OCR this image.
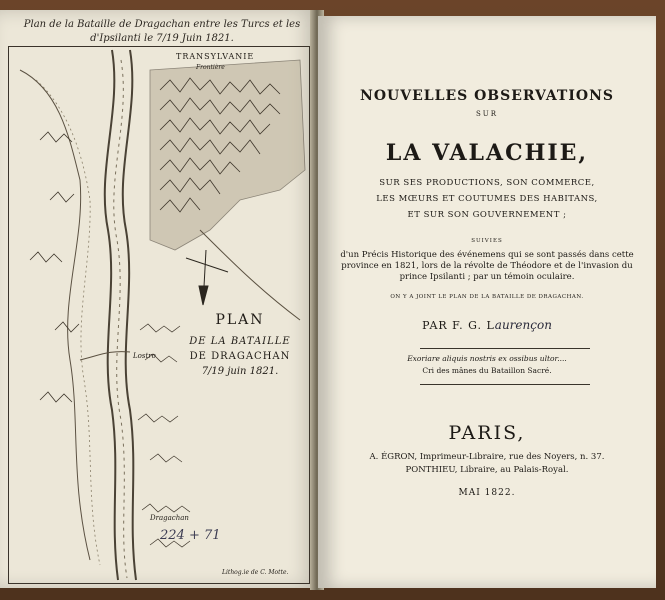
Plan de la Bataille de Dragachan entre les Turcs et les
d'Ipsilanti le 7/19 Juin 1821.
TRANSYLVANIE
Frontière
Lostro
Dragachan
Lithog.ie de C. Motte.
PLAN
DE LA BATAILLE
DE DRAGACHAN
7/19 juin 1821.
224 + 71
NOUVELLES OBSERVATIONS
SUR
LA VALACHIE,
SUR SES PRODUCTIONS, SON COMMERCE,
LES MŒURS ET COUTUMES DES HABITANS,
ET SUR SON GOUVERNEMENT ;
SUIVIES
d'un Précis Historique des événemens qui se sont passés dans cette province en 1821, lors de la révolte de Théodore et de l'invasion du prince Ipsilanti ; par un témoin oculaire.
ON Y A JOINT LE PLAN DE LA BATAILLE DE DRAGACHAN.
PAR F. G. Laurençon
Exoriare aliquis nostris ex ossibus ultor....
Cri des mânes du Bataillon Sacré.
PARIS,
A. ÉGRON, Imprimeur-Libraire, rue des Noyers, n. 37.
PONTHIEU, Libraire, au Palais-Royal.
MAI 1822.
